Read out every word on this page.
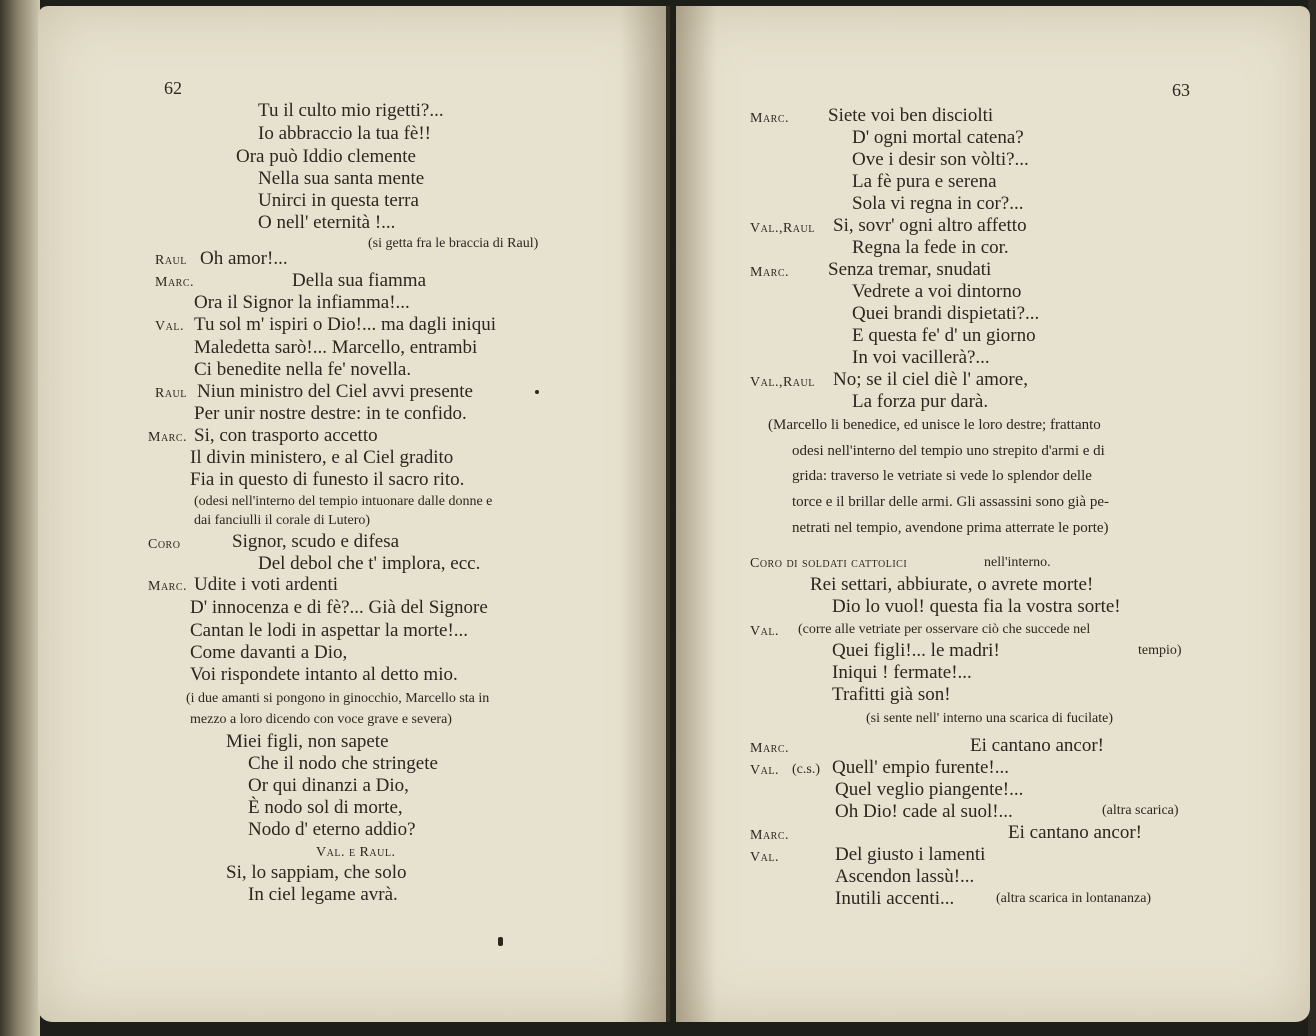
62
Tu il culto mio rigetti?...
Io abbraccio la tua fè!!
Ora può Iddio clemente
Nella sua santa mente
Unirci in questa terra
O nell' eternità !...
(si getta fra le braccia di Raul)
Raul Oh amor!...
Marc.	Della sua fiamma
Ora il Signor la infiamma!...
Val. Tu sol m' ispiri o Dio!... ma dagli iniqui
Maledetta sarò!... Marcello, entrambi
Ci benedite nella fe' novella.
Raul Niun ministro del Ciel avvi presente
Per unir nostre destre: in te confido.
Marc. Si, con trasporto accetto
Il divin ministero, e al Ciel gradito
Fia in questo di funesto il sacro rito.
(odesi nell'interno del tempio intuonare dalle donne e
dai fanciulli il corale di Lutero)
Coro	Signor, scudo e difesa
Del debol che t' implora, ecc.
Marc. Udite i voti ardenti
D' innocenza e di fè?... Già del Signore
Cantan le lodi in aspettar la morte!...
Come davanti a Dio,
Voi rispondete intanto al detto mio.
(i due amanti si pongono in ginocchio, Marcello sta in
mezzo a loro dicendo con voce grave e severa)
Miei figli, non sapete
Che il nodo che stringete
Or qui dinanzi a Dio,
È nodo sol di morte,
Nodo d' eterno addio?
Val. e Raul.
Si, lo sappiam, che solo
In ciel legame avrà.
63
Marc. Siete voi ben disciolti
D' ogni mortal catena?
Ove i desir son vòlti?...
La fè pura e serena
Sola vi regna in cor?...
Val.,Raul Si, sovr' ogni altro affetto
Regna la fede in cor.
Marc. Senza tremar, snudati
Vedrete a voi dintorno
Quei brandi dispietati?...
E questa fe' d' un giorno
In voi vacillerà?...
Val.,Raul No; se il ciel diè l' amore,
La forza pur darà.
(Marcello li benedice, ed unisce le loro destre; frattanto
odesi nell'interno del tempio uno strepito d'armi e di
grida: traverso le vetriate si vede lo splendor delle
torce e il brillar delle armi. Gli assassini sono già pe-
netrati nel tempio, avendone prima atterrate le porte)
Coro di soldati cattolici	nell'interno.
Rei settari, abbiurate, o avrete morte!
Dio lo vuol! questa fia la vostra sorte!
Val. (corre alle vetriate per osservare ciò che succede nel
Quei figli!... le madri!	tempio)
Iniqui ! fermate!...
Trafitti già son!
(si sente nell' interno una scarica di fucilate)
Marc.	Ei cantano ancor!
Val. (c.s.) Quell' empio furente!...
Quel veglio piangente!...
Oh Dio! cade al suol!...	(altra scarica)
Marc.	Ei cantano ancor!
Val.	Del giusto i lamenti
Ascendon lassù!...
Inutili accenti...	(altra scarica in lontananza)
